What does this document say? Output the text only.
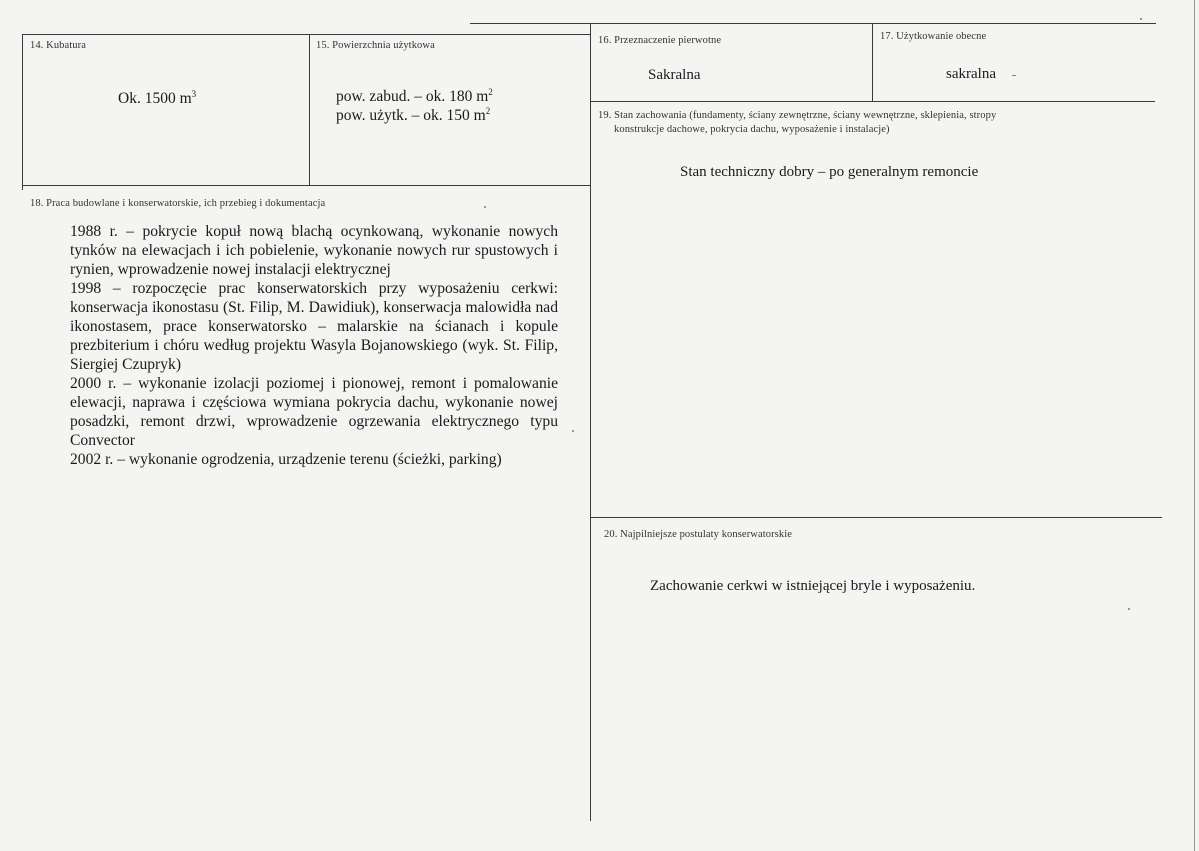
14. Kubatura
Ok. 1500 $m^3$
15. Powierzchnia użytkowa
pow. zabud. – ok. 180 $m^2$
pow. użytk. – ok. 150 $m^2$
16. Przeznaczenie pierwotne
Sakralna
17. Użytkowanie obecne
sakralna
18. Praca budowlane i konserwatorskie, ich przebieg i dokumentacja
1988 r. – pokrycie kopuł nową blachą ocynkowaną, wykonanie nowych tynków na elewacjach i ich pobielenie, wykonanie nowych rur spustowych i rynien, wprowadzenie nowej instalacji elektrycznej
1998 – rozpoczęcie prac konserwatorskich przy wyposażeniu cerkwi: konserwacja ikonostasu (St. Filip, M. Dawidiuk), konserwacja malowidła nad ikonostasem, prace konserwatorsko – malarskie na ścianach i kopule prezbiterium i chóru według projektu Wasyla Bojanowskiego (wyk. St. Filip, Siergiej Czupryk)
2000 r. – wykonanie izolacji poziomej i pionowej, remont i pomalowanie elewacji, naprawa i częściowa wymiana pokrycia dachu, wykonanie nowej posadzki, remont drzwi, wprowadzenie ogrzewania elektrycznego typu Convector
2002 r. – wykonanie ogrodzenia, urządzenie terenu (ścieżki, parking)
19. Stan zachowania (fundamenty, ściany zewnętrzne, ściany wewnętrzne, sklepienia, stropy
konstrukcje dachowe, pokrycia dachu, wyposażenie i instalacje)
Stan techniczny dobry – po generalnym remoncie
20. Najpilniejsze postulaty konserwatorskie
Zachowanie cerkwi w istniejącej bryle i wyposażeniu.
